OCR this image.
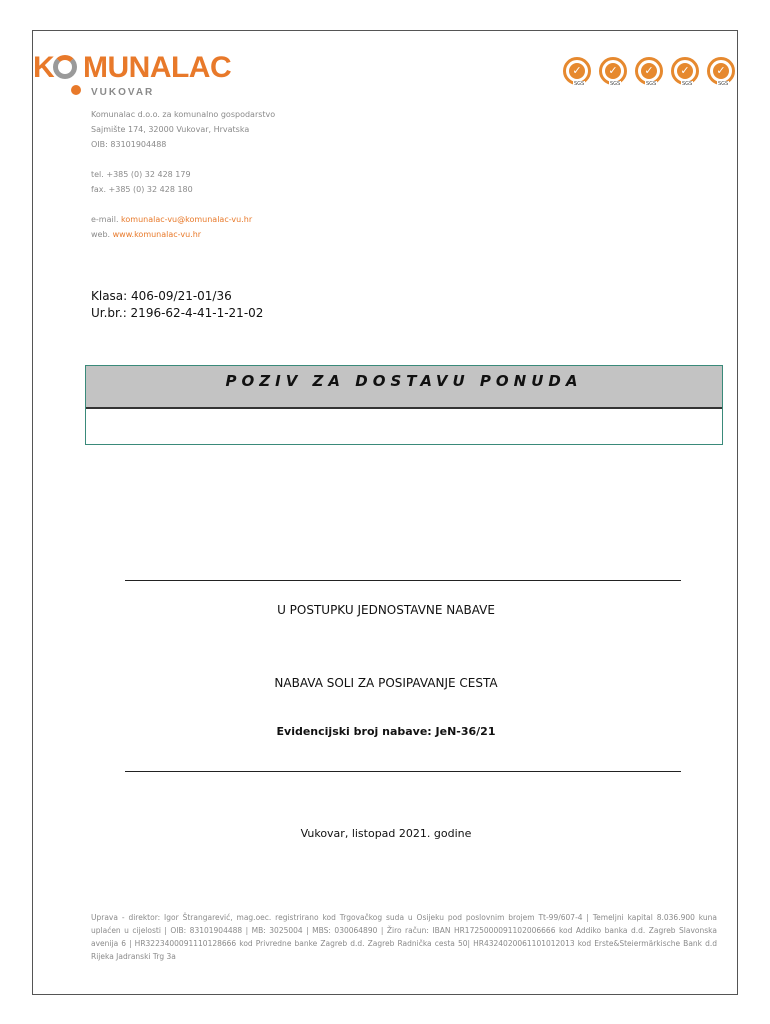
K MUNALAC
VUKOVAR
✓
SGS
✓
SGS
✓
SGS
✓
SGS
✓
SGS
Komunalac d.o.o. za komunalno gospodarstvo
Sajmište 174, 32000 Vukovar, Hrvatska
OIB: 83101904488
tel. +385 (0) 32 428 179
fax. +385 (0) 32 428 180
e-mail. komunalac-vu@komunalac-vu.hr
web. www.komunalac-vu.hr
Klasa: 406-09/21-01/36
Ur.br.: 2196-62-4-41-1-21-02
POZIV ZA DOSTAVU PONUDA
U POSTUPKU JEDNOSTAVNE NABAVE
NABAVA SOLI ZA POSIPAVANJE CESTA
Evidencijski broj nabave: JeN-36/21
Vukovar, listopad 2021. godine
Uprava - direktor: Igor Štrangarević, mag.oec. registrirano kod Trgovačkog suda u Osijeku pod poslovnim brojem Tt-99/607-4 | Temeljni kapital 8.036.900 kuna uplaćen u cijelosti | OIB: 83101904488 | MB: 3025004 | MBS: 030064890 | Žiro račun: IBAN HR1725000091102006666 kod Addiko banka d.d. Zagreb Slavonska avenija 6 | HR3223400091110128666 kod Privredne banke Zagreb d.d. Zagreb Radnička cesta 50| HR4324020061101012013 kod Erste&Steiermärkische Bank d.d Rijeka Jadranski Trg 3a
